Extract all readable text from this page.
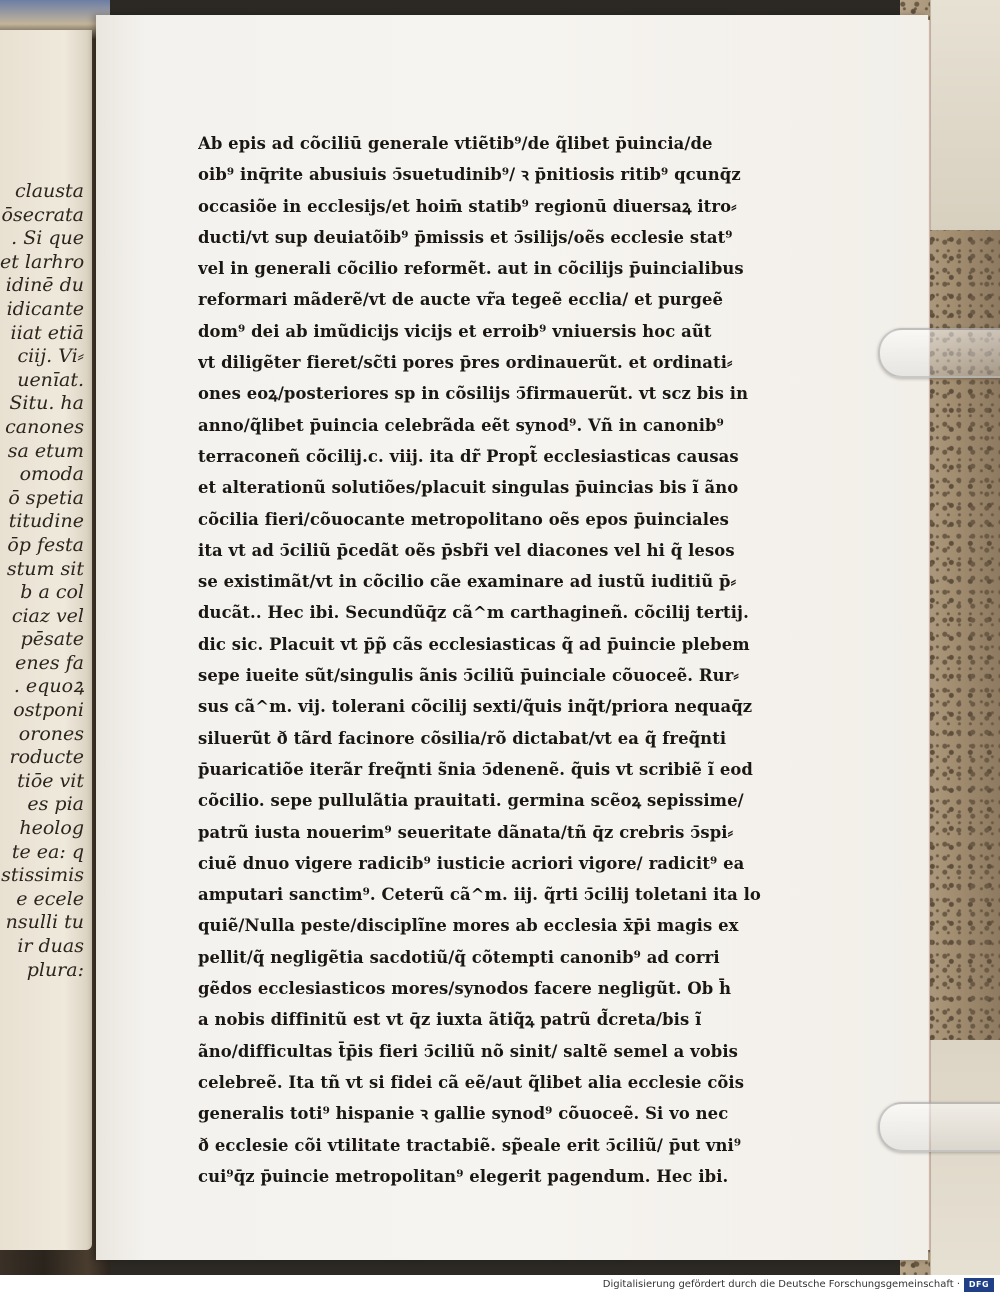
clausta
ōsecrata
. Si que
et larhro
idinē du
idicante
iiat etiā
ciij. Vi⸗
uenīat.
Situ. ha
canones
sa etum
omoda
ō spetia
titudine
ōp festa
stum sit
b a col
ciaz vel
pēsate
enes fa
. equoꝝ
ostponi
orones
roducte
tiōe vit
es pia
heolog
te ea: q
stissimis
e ecele
nsulli tu
ir duas
plura:
Ab epis ad cõciliū generale vtiẽtib⁹/de q̃libet p̄uincia/de
oib⁹ inq̄rite abusiuis ↄ̄suetudinib⁹/ ꝛ p̄nitiosis ritib⁹ qcunq̄z
occasiõe in ecclesijs/et hoim̄ statib⁹ regionū diuersaꝝ itro⸗
ducti/vt sup deuiatõib⁹ p̄missis et ↄ̄silijs/oẽs ecclesie stat⁹
vel in generali cõcilio reformẽt. aut in cõcilijs p̄uincialibus
reformari mãderẽ/vt de aucte vr̃a tegeẽ ecclia/ et purgeẽ
dom⁹ dei ab imũdicijs vicijs et erroib⁹ vniuersis hoc aũt
vt diligẽter fieret/sc̃ti pores p̄res ordinauerũt. et ordinati⸗
ones eoꝝ/posteriores sp in cõsilijs ↄ̄firmauerũt. vt scz bis in
anno/q̃libet p̄uincia celebrãda eẽt synod⁹. Vñ in canonib⁹
terraconeñ cõcilij.c. viij. ita dr̃ Propt̃ ecclesiasticas causas
et alterationũ solutiões/placuit singulas p̄uincias bis ĩ ãno
cõcilia fieri/cõuocante metropolitano oẽs epos p̄uinciales
ita vt ad ↄ̄ciliũ p̄cedãt oẽs p̄sbr̃i vel diacones vel hi q̃ lesos
se existimãt/vt in cõcilio cãe examinare ad iustũ iuditiũ p̄⸗
ducãt.. Hec ibi. Secundũq̄z cã^m carthagineñ. cõcilij tertij.
dic sic. Placuit vt p̄p̃ cãs ecclesiasticas q̃ ad p̄uincie plebem
sepe iueite sũt/singulis ãnis ↄ̄ciliũ p̄uinciale cõuoceẽ. Rur⸗
sus cã^m. vij. tolerani cõcilij sexti/q̃uis inq̃t/priora nequaq̄z
siluerũt ð tãrd facinore cõsilia/rõ dictabat/vt ea q̃ freq̃nti
p̄uaricatiõe iterãr freq̃nti s̃nia ↄ̄denenẽ. q̃uis vt scribiẽ ĩ eod
cõcilio. sepe pullulãtia prauitati. germina scẽoꝝ sepissime/
patrũ iusta nouerim⁹ seueritate dãnata/tñ q̄z crebris ↄ̄spi⸗
ciuẽ dnuo vigere radicib⁹ iusticie acriori vigore/ radicit⁹ ea
amputari sanctim⁹. Ceterũ cã^m. iij. q̃rti ↄ̄cilij toletani ita lo
quiẽ/Nulla peste/disciplĩne mores ab ecclesia x̄p̄i magis ex
pellit/q̃ negligẽtia sacdotiũ/q̃ cõtempti canonib⁹ ad corri
gẽdos ecclesiasticos mores/synodos facere negligũt. Ob h̄
a nobis diffinitũ est vt q̄z iuxta ãtiq̃ꝝ patrũ d̃creta/bis ĩ
ãno/difficultas t̄p̄is fieri ↄ̄ciliũ nõ sinit/ saltẽ semel a vobis
celebreẽ. Ita tñ vt si fidei cã eẽ/aut q̃libet alia ecclesie cõis
generalis toti⁹ hispanie ꝛ gallie synod⁹ cõuoceẽ. Si vo nec
ð ecclesie cõi vtilitate tractabiẽ. sp̃eale erit ↄ̄ciliũ/ p̄ut vni⁹
cui⁹q̄z p̄uincie metropolitan⁹ elegerit pagendum. Hec ibi.
Digitalisierung gefördert durch die Deutsche Forschungsgemeinschaft ·	DFG
